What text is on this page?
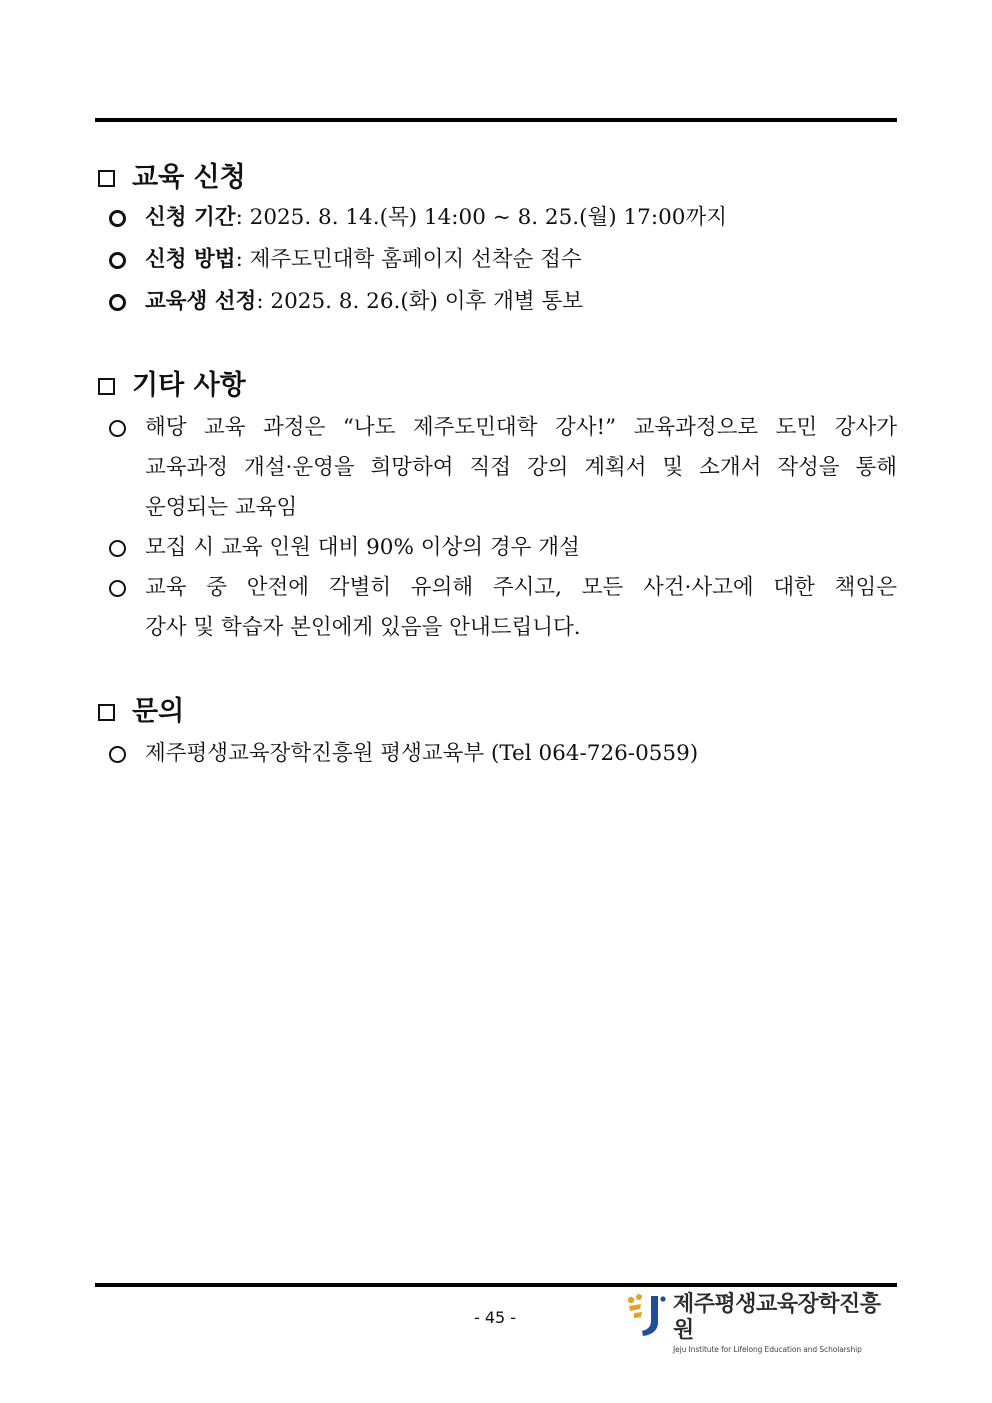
교육 신청
신청 기간: 2025. 8. 14.(목) 14:00 ~ 8. 25.(월) 17:00까지
신청 방법: 제주도민대학 홈페이지 선착순 접수
교육생 선정: 2025. 8. 26.(화) 이후 개별 통보
기타 사항
해당 교육 과정은 “나도 제주도민대학 강사!” 교육과정으로 도민 강사가
교육과정 개설·운영을 희망하여 직접 강의 계획서 및 소개서 작성을 통해
운영되는 교육임
모집 시 교육 인원 대비 90% 이상의 경우 개설
교육 중 안전에 각별히 유의해 주시고, 모든 사건·사고에 대한 책임은
강사 및 학습자 본인에게 있음을 안내드립니다.
문의
제주평생교육장학진흥원 평생교육부 (Tel 064-726-0559)
- 45 -
제주평생교육장학진흥원
Jeju Institute for Lifelong Education and Scholarship
